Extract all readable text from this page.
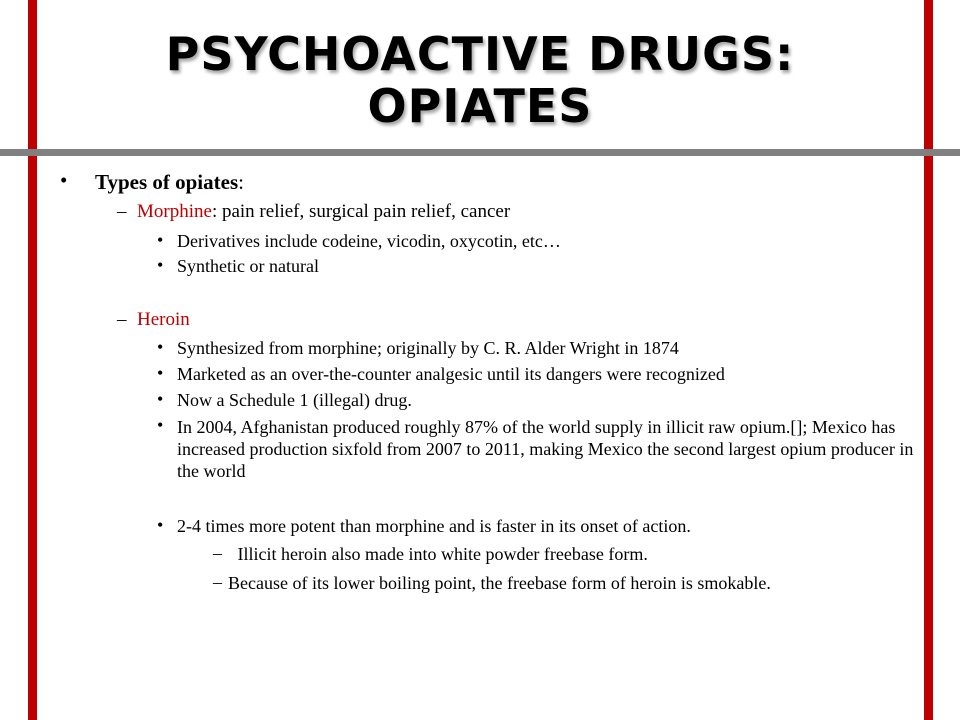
PSYCHOACTIVE DRUGS:
OPIATES
• Types of opiates:
– Morphine: pain relief, surgical pain relief, cancer
• Derivatives include codeine, vicodin, oxycotin, etc…
• Synthetic or natural
– Heroin
• Synthesized from morphine; originally by C. R. Alder Wright in 1874
• Marketed as an over-the-counter analgesic until its dangers were recognized
• Now a Schedule 1 (illegal) drug.
• In 2004, Afghanistan produced roughly 87% of the world supply in illicit raw opium.[]; Mexico has increased production sixfold from 2007 to 2011, making Mexico the second largest opium producer in the world
• 2-4 times more potent than morphine and is faster in its onset of action.
– Illicit heroin also made into white powder freebase form.
– Because of its lower boiling point, the freebase form of heroin is smokable.
